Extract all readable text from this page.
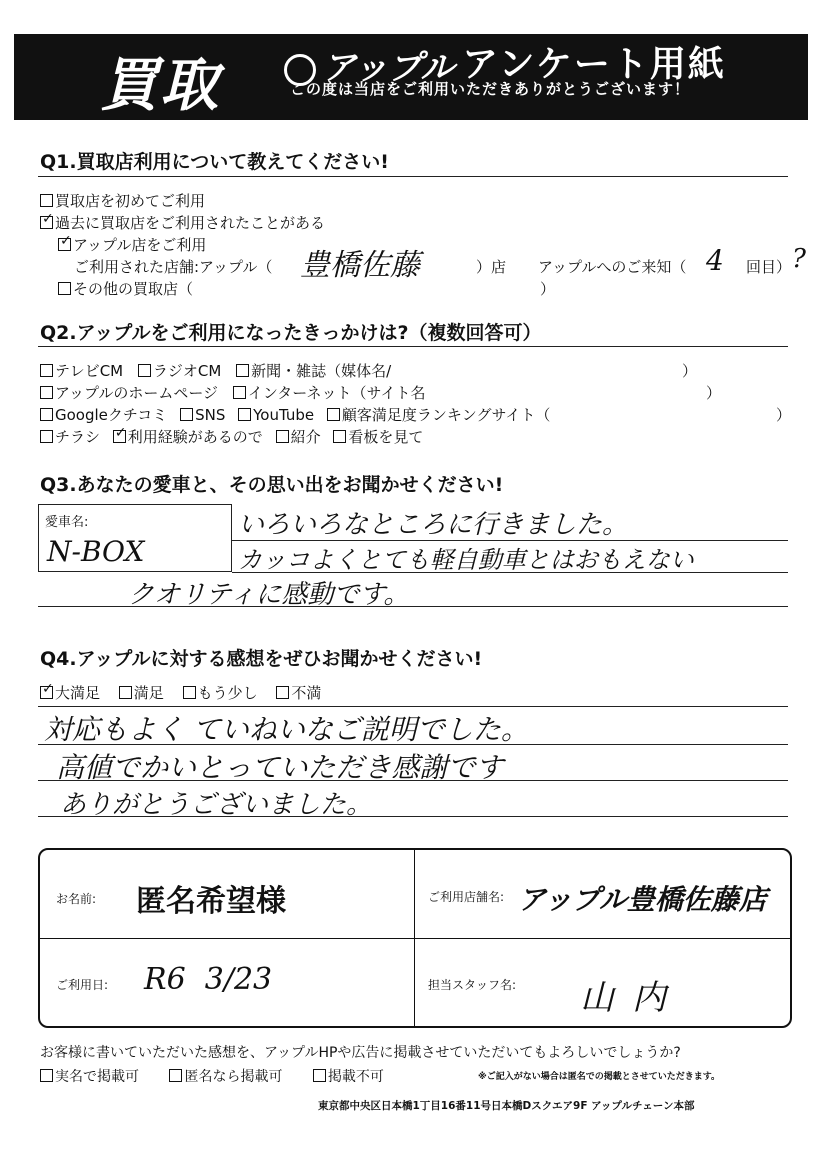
買取	アップル アンケート用紙
この度は当店をご利用いただきありがとうございます！
Q1.買取店利用について教えてください!
買取店を初めてご利用
✓ 過去に買取店をご利用されたことがある
✓ アップル店をご利用
ご利用された店舗:アップル（ 豊橋佐藤	）店 アップルへのご来知（ 4 回目） ?
その他の買取店（	）
Q2.アップルをご利用になったきっかけは?（複数回答可）
テレビCM ラジオCM 新聞・雑誌（媒体名/	）
アップルのホームページ インターネット（サイト名	）
Googleクチコミ SNS YouTube 顧客満足度ランキングサイト（	）
チラシ ✓ 利用経験があるので 紹介 看板を見て
Q3.あなたの愛車と、その思い出をお聞かせください!
愛車名:
N-BOX
いろいろなところに行きました。
カッコよくとても軽自動車とはおもえない
クオリティに感動です。
Q4.アップルに対する感想をぜひお聞かせください!
✓ 大満足 満足 もう少し 不満
対応もよく ていねいなご説明でした。
高値でかいとっていただき感謝です
ありがとうございました。
お名前: 匿名希望様	ご利用店舗名: アップル豊橋佐藤店
ご利用日: R6  3/23	担当スタッフ名: 山内
お客様に書いていただいた感想を、アップルHPや広告に掲載させていただいてもよろしいでしょうか?
実名で掲載可	匿名なら掲載可	掲載不可	※ご記入がない場合は匿名での掲載とさせていただきます。
東京都中央区日本橋1丁目16番11号日本橋Dスクエア9F アップルチェーン本部
